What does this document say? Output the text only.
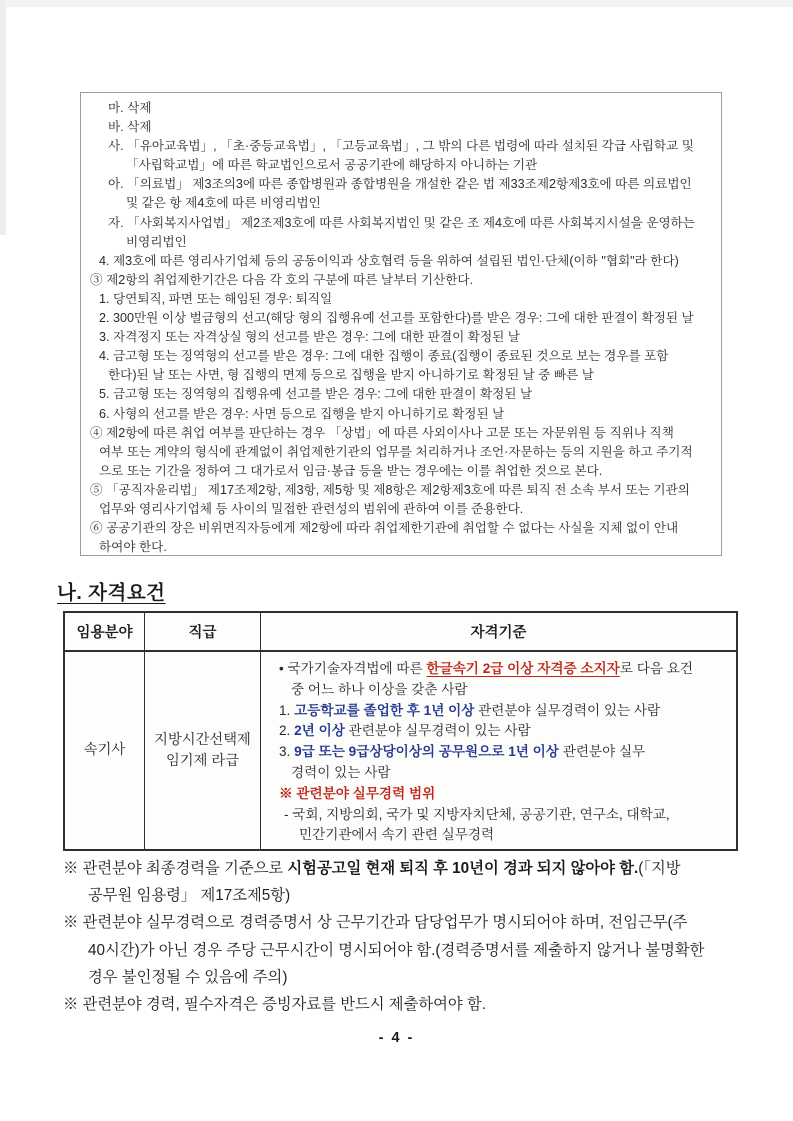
마. 삭제
바. 삭제
사. 「유아교육법」, 「초·중등교육법」, 「고등교육법」, 그 밖의 다른 법령에 따라 설치된 각급 사립학교 및
「사립학교법」에 따른 학교법인으로서 공공기관에 해당하지 아니하는 기관
아. 「의료법」 제3조의3에 따른 종합병원과 종합병원을 개설한 같은 법 제33조제2항제3호에 따른 의료법인
및 같은 항 제4호에 따른 비영리법인
자. 「사회복지사업법」 제2조제3호에 따른 사회복지법인 및 같은 조 제4호에 따른 사회복지시설을 운영하는
비영리법인
4. 제3호에 따른 영리사기업체 등의 공동이익과 상호협력 등을 위하여 설립된 법인·단체(이하 "협회"라 한다)
③ 제2항의 취업제한기간은 다음 각 호의 구분에 따른 날부터 기산한다.
1. 당연퇴직, 파면 또는 해임된 경우: 퇴직일
2. 300만원 이상 벌금형의 선고(해당 형의 집행유예 선고를 포함한다)를 받은 경우: 그에 대한 판결이 확정된 날
3. 자격정지 또는 자격상실 형의 선고를 받은 경우: 그에 대한 판결이 확정된 날
4. 금고형 또는 징역형의 선고를 받은 경우: 그에 대한 집행이 종료(집행이 종료된 것으로 보는 경우를 포함
한다)된 날 또는 사면, 형 집행의 면제 등으로 집행을 받지 아니하기로 확정된 날 중 빠른 날
5. 금고형 또는 징역형의 집행유예 선고를 받은 경우: 그에 대한 판결이 확정된 날
6. 사형의 선고를 받은 경우: 사면 등으로 집행을 받지 아니하기로 확정된 날
④ 제2항에 따른 취업 여부를 판단하는 경우 「상법」에 따른 사외이사나 고문 또는 자문위원 등 직위나 직책
여부 또는 계약의 형식에 관계없이 취업제한기관의 업무를 처리하거나 조언·자문하는 등의 지원을 하고 주기적
으로 또는 기간을 정하여 그 대가로서 임금·봉급 등을 받는 경우에는 이를 취업한 것으로 본다.
⑤ 「공직자윤리법」 제17조제2항, 제3항, 제5항 및 제8항은 제2항제3호에 따른 퇴직 전 소속 부서 또는 기관의
업무와 영리사기업체 등 사이의 밀접한 관련성의 범위에 관하여 이를 준용한다.
⑥ 공공기관의 장은 비위면직자등에게 제2항에 따라 취업제한기관에 취업할 수 없다는 사실을 지체 없이 안내
하여야 한다.
나. 자격요건
임용분야	직급	자격기준
속기사
지방시간선택제
임기제 라급
• 국가기술자격법에 따른 한글속기 2급 이상 자격증 소지자로 다음 요건
중 어느 하나 이상을 갖춘 사람
1. 고등학교를 졸업한 후 1년 이상 관련분야 실무경력이 있는 사람
2. 2년 이상 관련분야 실무경력이 있는 사람
3. 9급 또는 9급상당이상의 공무원으로 1년 이상 관련분야 실무
경력이 있는 사람
※ 관련분야 실무경력 범위
- 국회, 지방의회, 국가 및 지방자치단체, 공공기관, 연구소, 대학교,
민간기관에서 속기 관련 실무경력
※ 관련분야 최종경력을 기준으로 시험공고일 현재 퇴직 후 10년이 경과 되지 않아야 함.(「지방
공무원 임용령」 제17조제5항)
※ 관련분야 실무경력으로 경력증명서 상 근무기간과 담당업무가 명시되어야 하며, 전임근무(주
40시간)가 아닌 경우 주당 근무시간이 명시되어야 함.(경력증명서를 제출하지 않거나 불명확한
경우 불인정될 수 있음에 주의)
※ 관련분야 경력, 필수자격은 증빙자료를 반드시 제출하여야 함.
- 4 -
